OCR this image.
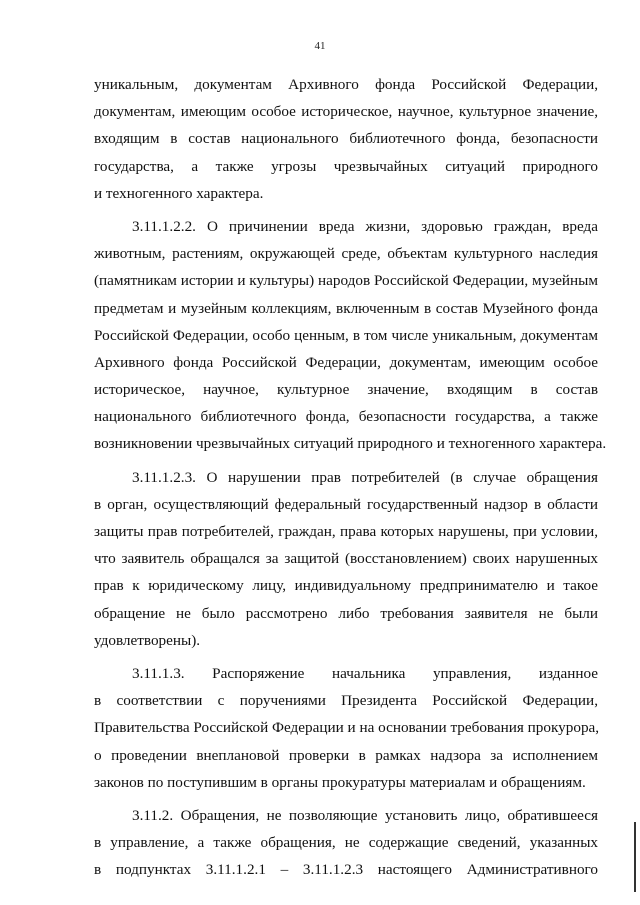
41

уникальным, документам Архивного фонда Российской Федерации,
документам, имеющим особое историческое, научное, культурное значение,
входящим в состав национального библиотечного фонда, безопасности
государства, а также угрозы чрезвычайных ситуаций природного
и техногенного характера.

3.11.1.2.2. О причинении вреда жизни, здоровью граждан, вреда
животным, растениям, окружающей среде, объектам культурного наследия
(памятникам истории и культуры) народов Российской Федерации, музейным
предметам и музейным коллекциям, включенным в состав Музейного фонда
Российской Федерации, особо ценным, в том числе уникальным, документам
Архивного фонда Российской Федерации, документам, имеющим особое
историческое, научное, культурное значение, входящим в состав
национального библиотечного фонда, безопасности государства, а также
возникновении чрезвычайных ситуаций природного и техногенного характера.

3.11.1.2.3. О нарушении прав потребителей (в случае обращения
в орган, осуществляющий федеральный государственный надзор в области
защиты прав потребителей, граждан, права которых нарушены, при условии,
что заявитель обращался за защитой (восстановлением) своих нарушенных
прав к юридическому лицу, индивидуальному предпринимателю и такое
обращение не было рассмотрено либо требования заявителя не были
удовлетворены).

3.11.1.3. Распоряжение начальника управления, изданное
в соответствии с поручениями Президента Российской Федерации,
Правительства Российской Федерации и на основании требования прокурора,
о проведении внеплановой проверки в рамках надзора за исполнением
законов по поступившим в органы прокуратуры материалам и обращениям.

3.11.2. Обращения, не позволяющие установить лицо, обратившееся
в управление, а также обращения, не содержащие сведений, указанных
в подпунктах 3.11.1.2.1 – 3.11.1.2.3 настоящего Административного
